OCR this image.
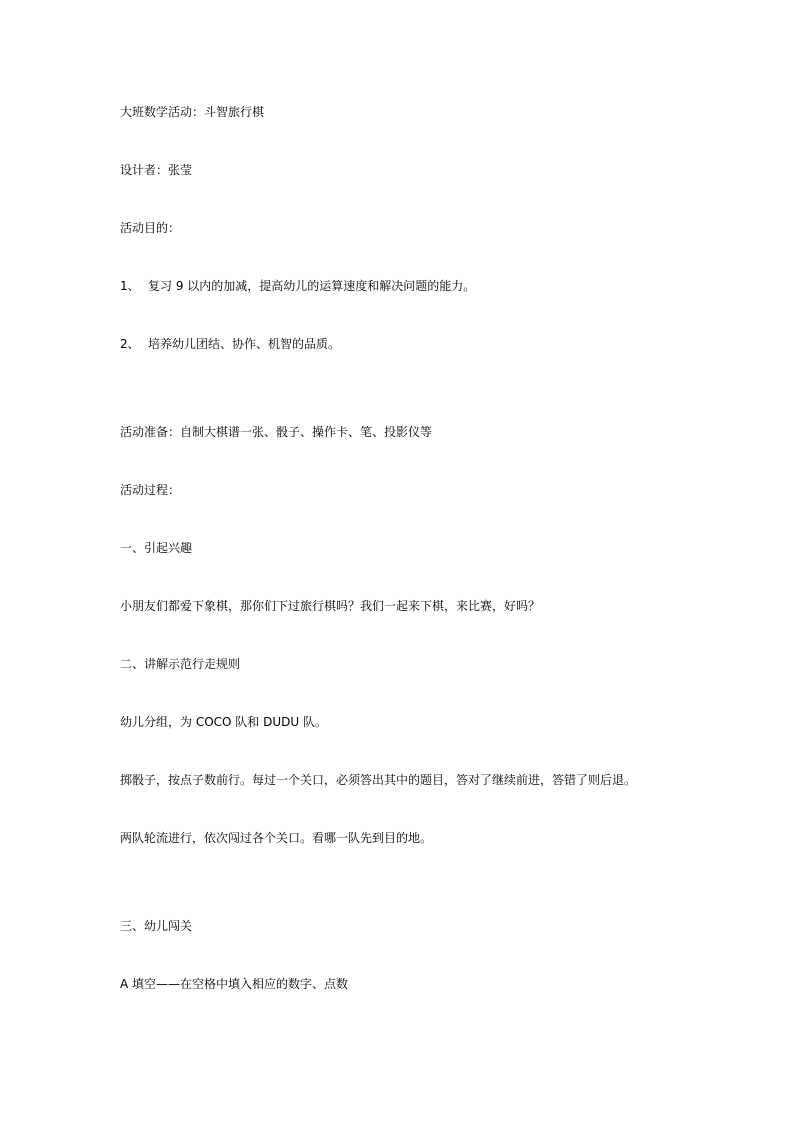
大班数学活动：斗智旅行棋
设计者：张莹
活动目的：
1、 复习 9 以内的加减，提高幼儿的运算速度和解决问题的能力。
2、 培养幼儿团结、协作、机智的品质。
活动准备：自制大棋谱一张、骰子、操作卡、笔、投影仪等
活动过程：
一、引起兴趣
小朋友们都爱下象棋，那你们下过旅行棋吗？我们一起来下棋，来比赛，好吗？
二、讲解示范行走规则
幼儿分组，为 COCO 队和 DUDU 队。
掷骰子，按点子数前行。每过一个关口，必须答出其中的题目，答对了继续前进，答错了则后退。
两队轮流进行，依次闯过各个关口。看哪一队先到目的地。
三、幼儿闯关
A 填空——在空格中填入相应的数字、点数
